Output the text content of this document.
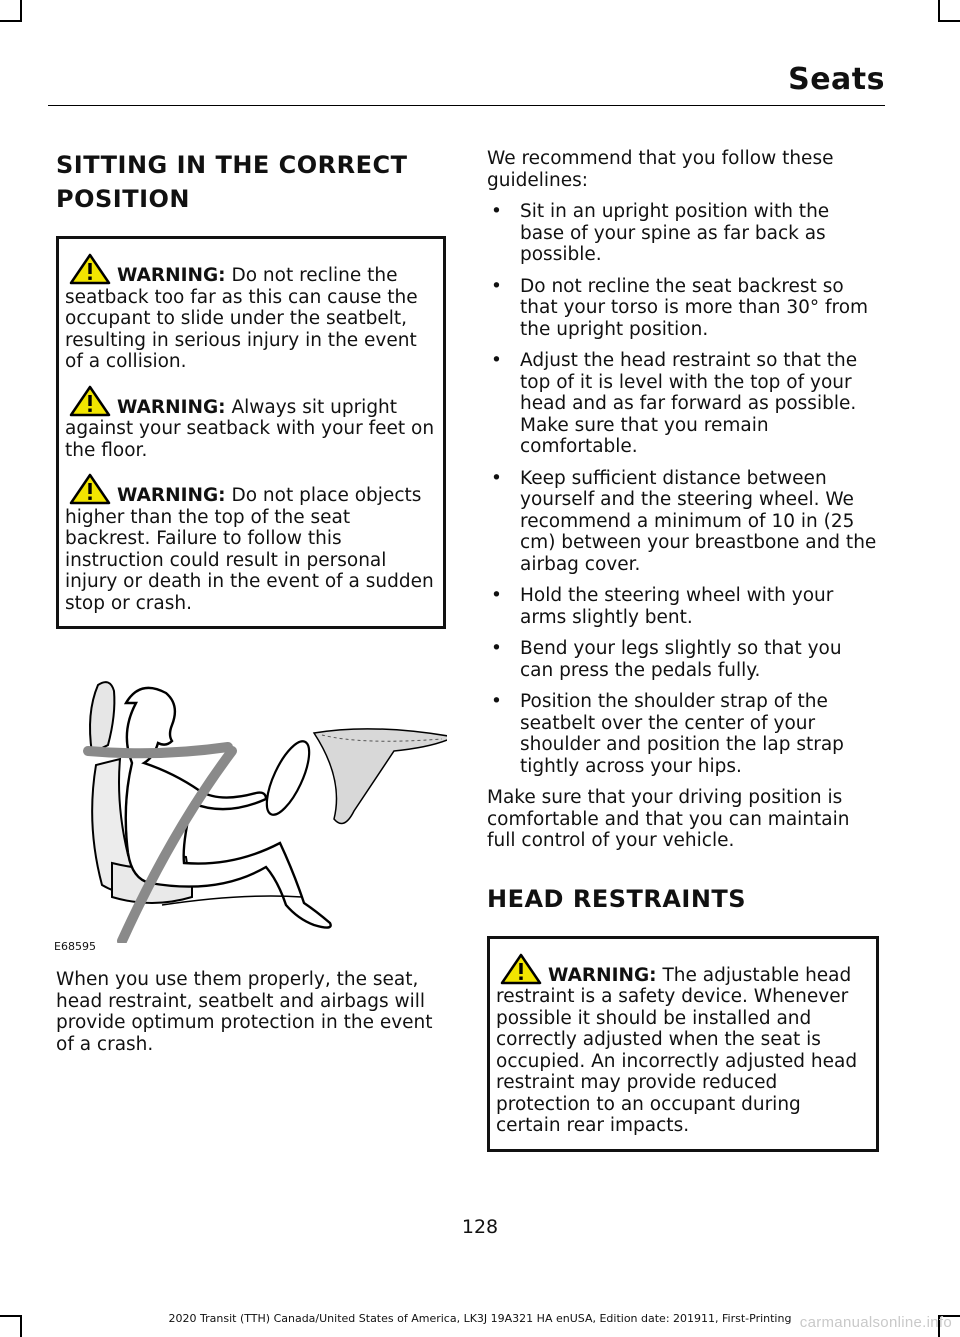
Seats
SITTING IN THE CORRECT
POSITION

WARNING: Do not recline the seatback too far as this can cause the occupant to slide under the seatbelt, resulting in serious injury in the event of a collision.

WARNING: Always sit upright against your seatback with your feet on the floor.

WARNING: Do not place objects higher than the top of the seat backrest. Failure to follow this instruction could result in personal injury or death in the event of a sudden stop or crash.

E68595

When you use them properly, the seat, head restraint, seatbelt and airbags will provide optimum protection in the event of a crash.

We recommend that you follow these guidelines:

• Sit in an upright position with the base of your spine as far back as possible.
• Do not recline the seat backrest so that your torso is more than 30° from the upright position.
• Adjust the head restraint so that the top of it is level with the top of your head and as far forward as possible. Make sure that you remain comfortable.
• Keep sufficient distance between yourself and the steering wheel. We recommend a minimum of 10 in (25 cm) between your breastbone and the airbag cover.
• Hold the steering wheel with your arms slightly bent.
• Bend your legs slightly so that you can press the pedals fully.
• Position the shoulder strap of the seatbelt over the center of your shoulder and position the lap strap tightly across your hips.

Make sure that your driving position is comfortable and that you can maintain full control of your vehicle.

HEAD RESTRAINTS

WARNING: The adjustable head restraint is a safety device. Whenever possible it should be installed and correctly adjusted when the seat is occupied. An incorrectly adjusted head restraint may provide reduced protection to an occupant during certain rear impacts.

128
2020 Transit (TTH) Canada/United States of America, LK3J 19A321 HA enUSA, Edition date: 201911, First-Printing carmanualsonline.info
